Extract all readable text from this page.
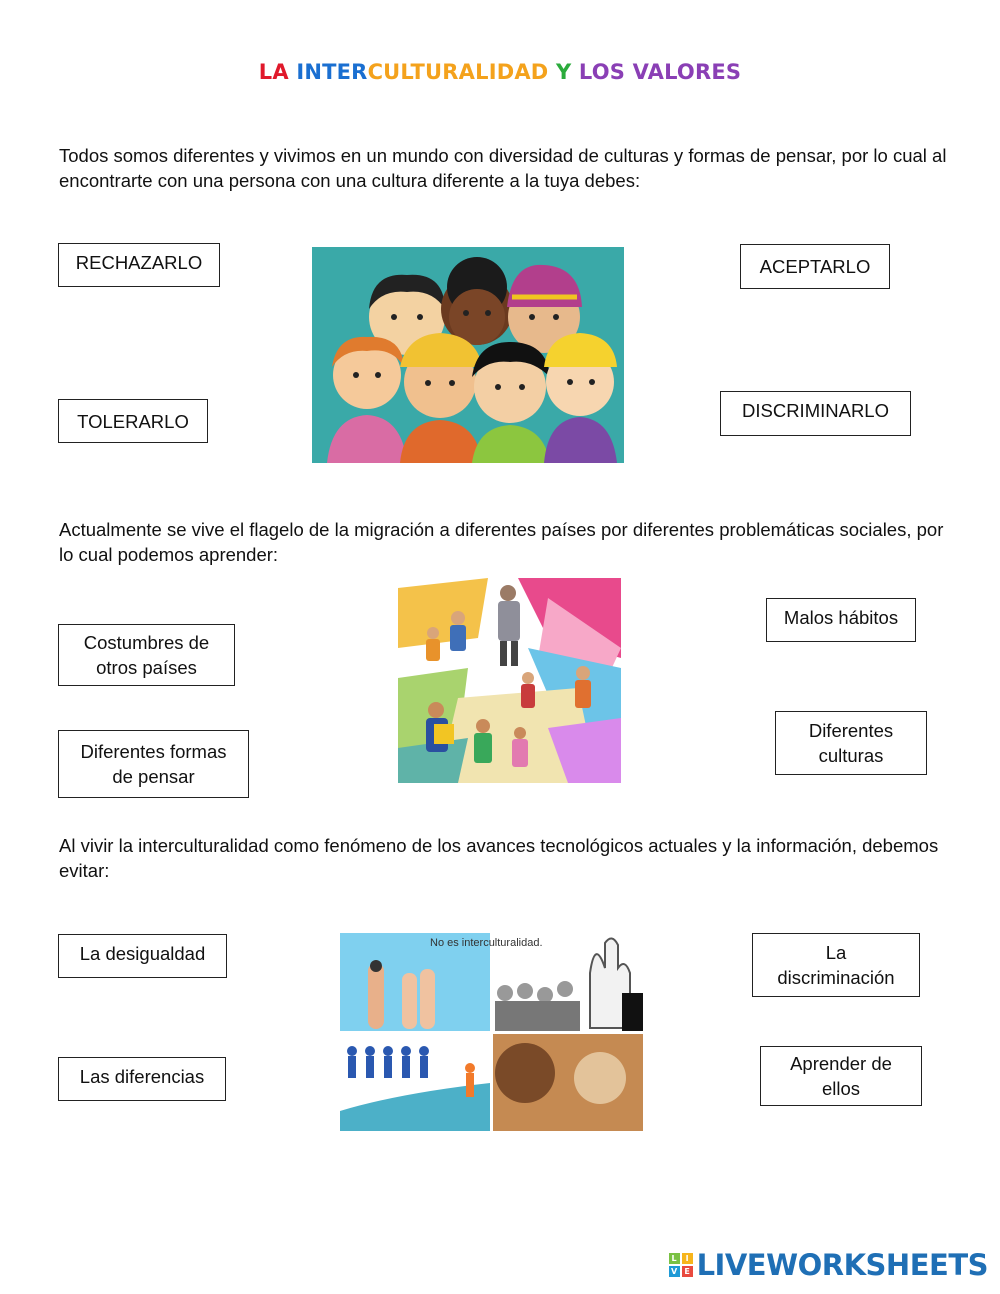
LA INTERCULTURALIDAD Y LOS VALORES
Todos somos diferentes y vivimos en un mundo con diversidad de culturas y formas de pensar, por lo cual al encontrarte con una persona con una cultura diferente a la tuya debes:
RECHAZARLO	ACEPTARLO
TOLERARLO	DISCRIMINARLO
Actualmente se vive el flagelo de la migración a diferentes países por diferentes problemáticas sociales, por lo cual podemos aprender:
Malos hábitos
Costumbres de otros países
Diferentes culturas
Diferentes formas de pensar
Al vivir la interculturalidad como fenómeno de los avances tecnológicos actuales y la información, debemos evitar:
La desigualdad	La discriminación
Las diferencias
Aprender de ellos
No es interculturalidad.
L	I
V E LIVEWORKSHEETS
